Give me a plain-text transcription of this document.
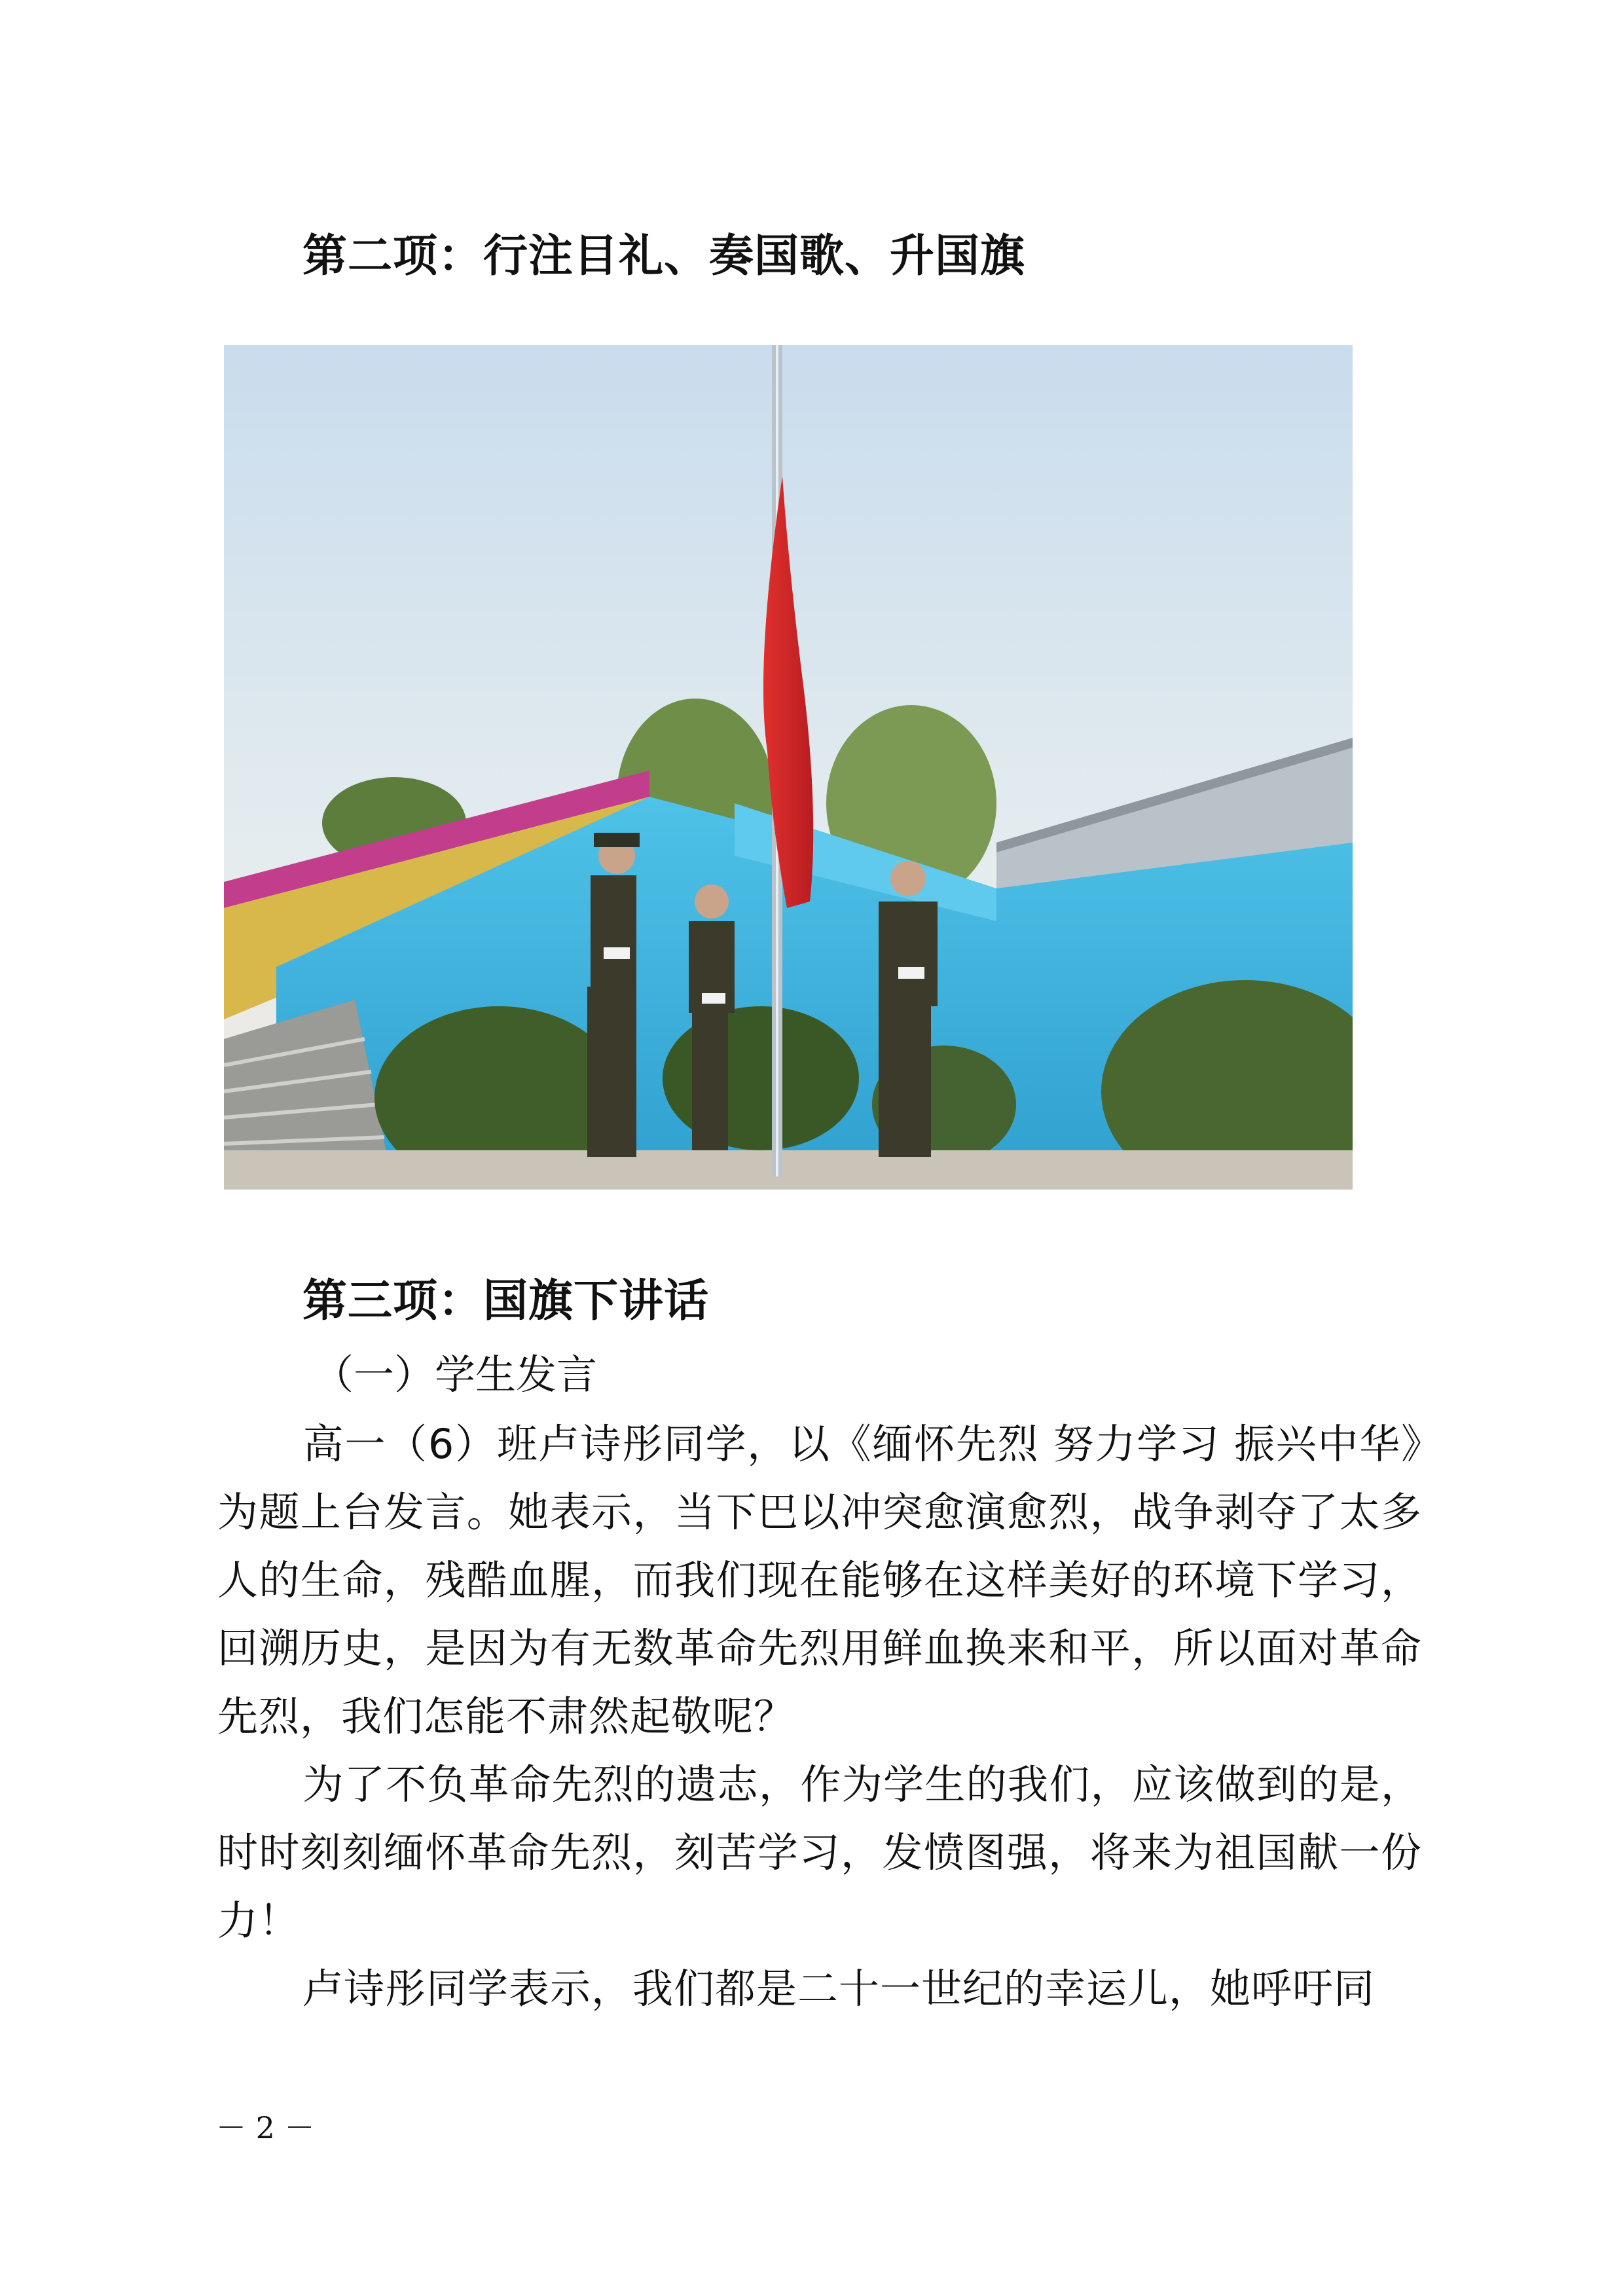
第二项：行注目礼、奏国歌、升国旗
第三项：国旗下讲话
（一）学生发言
高一（6）班卢诗彤同学，以《缅怀先烈 努力学习 振兴中华》为题上台发言。她表示，当下巴以冲突愈演愈烈，战争剥夺了太多人的生命，残酷血腥，而我们现在能够在这样美好的环境下学习，回溯历史，是因为有无数革命先烈用鲜血换来和平，所以面对革命先烈，我们怎能不肃然起敬呢？
为了不负革命先烈的遗志，作为学生的我们，应该做到的是，时时刻刻缅怀革命先烈，刻苦学习，发愤图强，将来为祖国献一份力！
卢诗彤同学表示，我们都是二十一世纪的幸运儿，她呼吁同
－ 2 －
